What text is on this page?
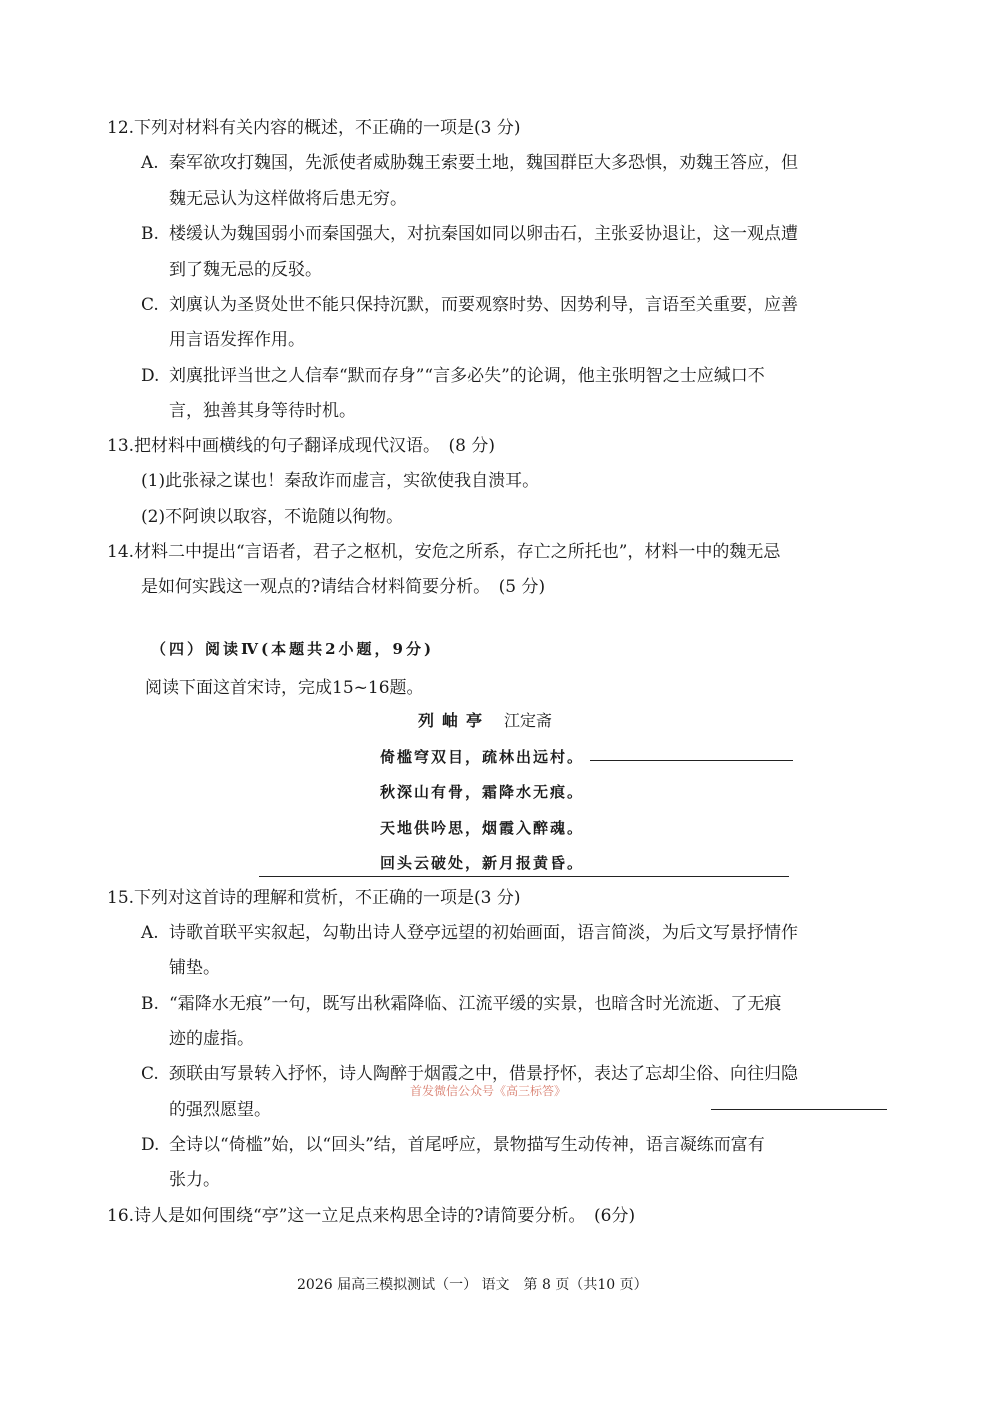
12.下列对材料有关内容的概述，不正确的一项是(3 分)
A. 秦军欲攻打魏国，先派使者威胁魏王索要土地，魏国群臣大多恐惧，劝魏王答应，但
魏无忌认为这样做将后患无穷。
B. 楼缓认为魏国弱小而秦国强大，对抗秦国如同以卵击石，主张妥协退让，这一观点遭
到了魏无忌的反驳。
C. 刘廙认为圣贤处世不能只保持沉默，而要观察时势、因势利导，言语至关重要，应善
用言语发挥作用。
D. 刘廙批评当世之人信奉“默而存身”“言多必失”的论调，他主张明智之士应缄口不
言，独善其身等待时机。
13.把材料中画横线的句子翻译成现代汉语。　(8 分)
(1)此张禄之谋也！秦敌诈而虚言，实欲使我自溃耳。
(2)不阿谀以取容，不诡随以徇物。
14.材料二中提出“言语者，君子之枢机，安危之所系，存亡之所托也”，材料一中的魏无忌
是如何实践这一观点的?请结合材料简要分析。　(5 分)
（四）阅读Ⅳ(本题共2小题，9分)
阅读下面这首宋诗，完成15~16题。
列岫亭 江定斋
倚槛穹双目，疏林出远村。
秋深山有骨，霜降水无痕。
天地供吟思，烟霞入醉魂。
回头云破处，新月报黄昏。
15.下列对这首诗的理解和赏析，不正确的一项是(3 分)
A. 诗歌首联平实叙起，勾勒出诗人登亭远望的初始画面，语言简淡，为后文写景抒情作
铺垫。
B. “霜降水无痕”一句，既写出秋霜降临、江流平缓的实景，也暗含时光流逝、了无痕
迹的虚指。
C. 颈联由写景转入抒怀，诗人陶醉于烟霞之中，借景抒怀，表达了忘却尘俗、向往归隐
的强烈愿望。
首发微信公众号《高三标答》
D. 全诗以“倚槛”始，以“回头”结，首尾呼应，景物描写生动传神，语言凝练而富有
张力。
16.诗人是如何围绕“亭”这一立足点来构思全诗的?请简要分析。　(6分)
2026 届高三模拟测试（一） 语文　第 8 页（共10 页）
